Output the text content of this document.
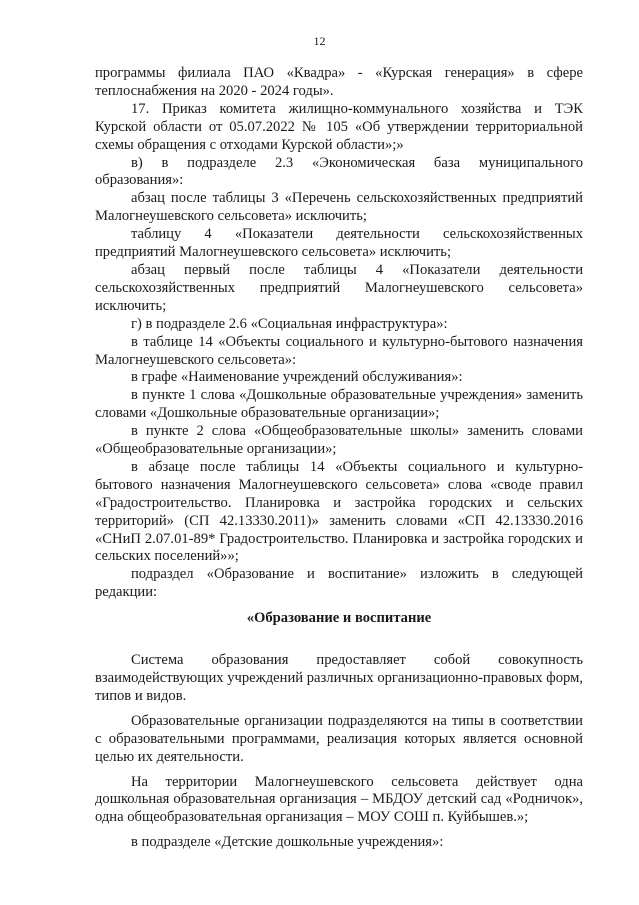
12

программы филиала ПАО «Квадра» - «Курская генерация» в сфере теплоснабжения на 2020 - 2024 годы».

17. Приказ комитета жилищно-коммунального хозяйства и ТЭК Курской области от 05.07.2022 № 105 «Об утверждении территориальной схемы обращения с отходами Курской области»;»

в) в подразделе 2.3 «Экономическая база муниципального образования»:

абзац после таблицы 3 «Перечень сельскохозяйственных предприятий Малогнеушевского сельсовета» исключить;

таблицу 4 «Показатели деятельности сельскохозяйственных предприятий Малогнеушевского сельсовета» исключить;

абзац первый после таблицы 4 «Показатели деятельности сельскохозяйственных предприятий Малогнеушевского сельсовета» исключить;

г) в подразделе 2.6 «Социальная инфраструктура»:

в таблице 14 «Объекты социального и культурно-бытового назначения Малогнеушевского сельсовета»:

в графе «Наименование учреждений обслуживания»:

в пункте 1 слова «Дошкольные образовательные учреждения» заменить словами «Дошкольные образовательные организации»;

в пункте 2 слова «Общеобразовательные школы» заменить словами «Общеобразовательные организации»;

в абзаце после таблицы 14 «Объекты социального и культурно-бытового назначения Малогнеушевского сельсовета» слова «своде правил «Градостроительство. Планировка и застройка городских и сельских территорий» (СП 42.13330.2011)» заменить словами «СП 42.13330.2016 «СНиП 2.07.01-89* Градостроительство. Планировка и застройка городских и сельских поселений»»;

подраздел «Образование и воспитание» изложить в следующей редакции:

«Образование и воспитание

Система образования предоставляет собой совокупность взаимодействующих учреждений различных организационно-правовых форм, типов и видов.

Образовательные организации подразделяются на типы в соответствии с образовательными программами, реализация которых является основной целью их деятельности.

На территории Малогнеушевского сельсовета действует одна дошкольная образовательная организация – МБДОУ детский сад «Родничок», одна общеобразовательная организация – МОУ СОШ п. Куйбышев.»;

в подразделе «Детские дошкольные учреждения»:
